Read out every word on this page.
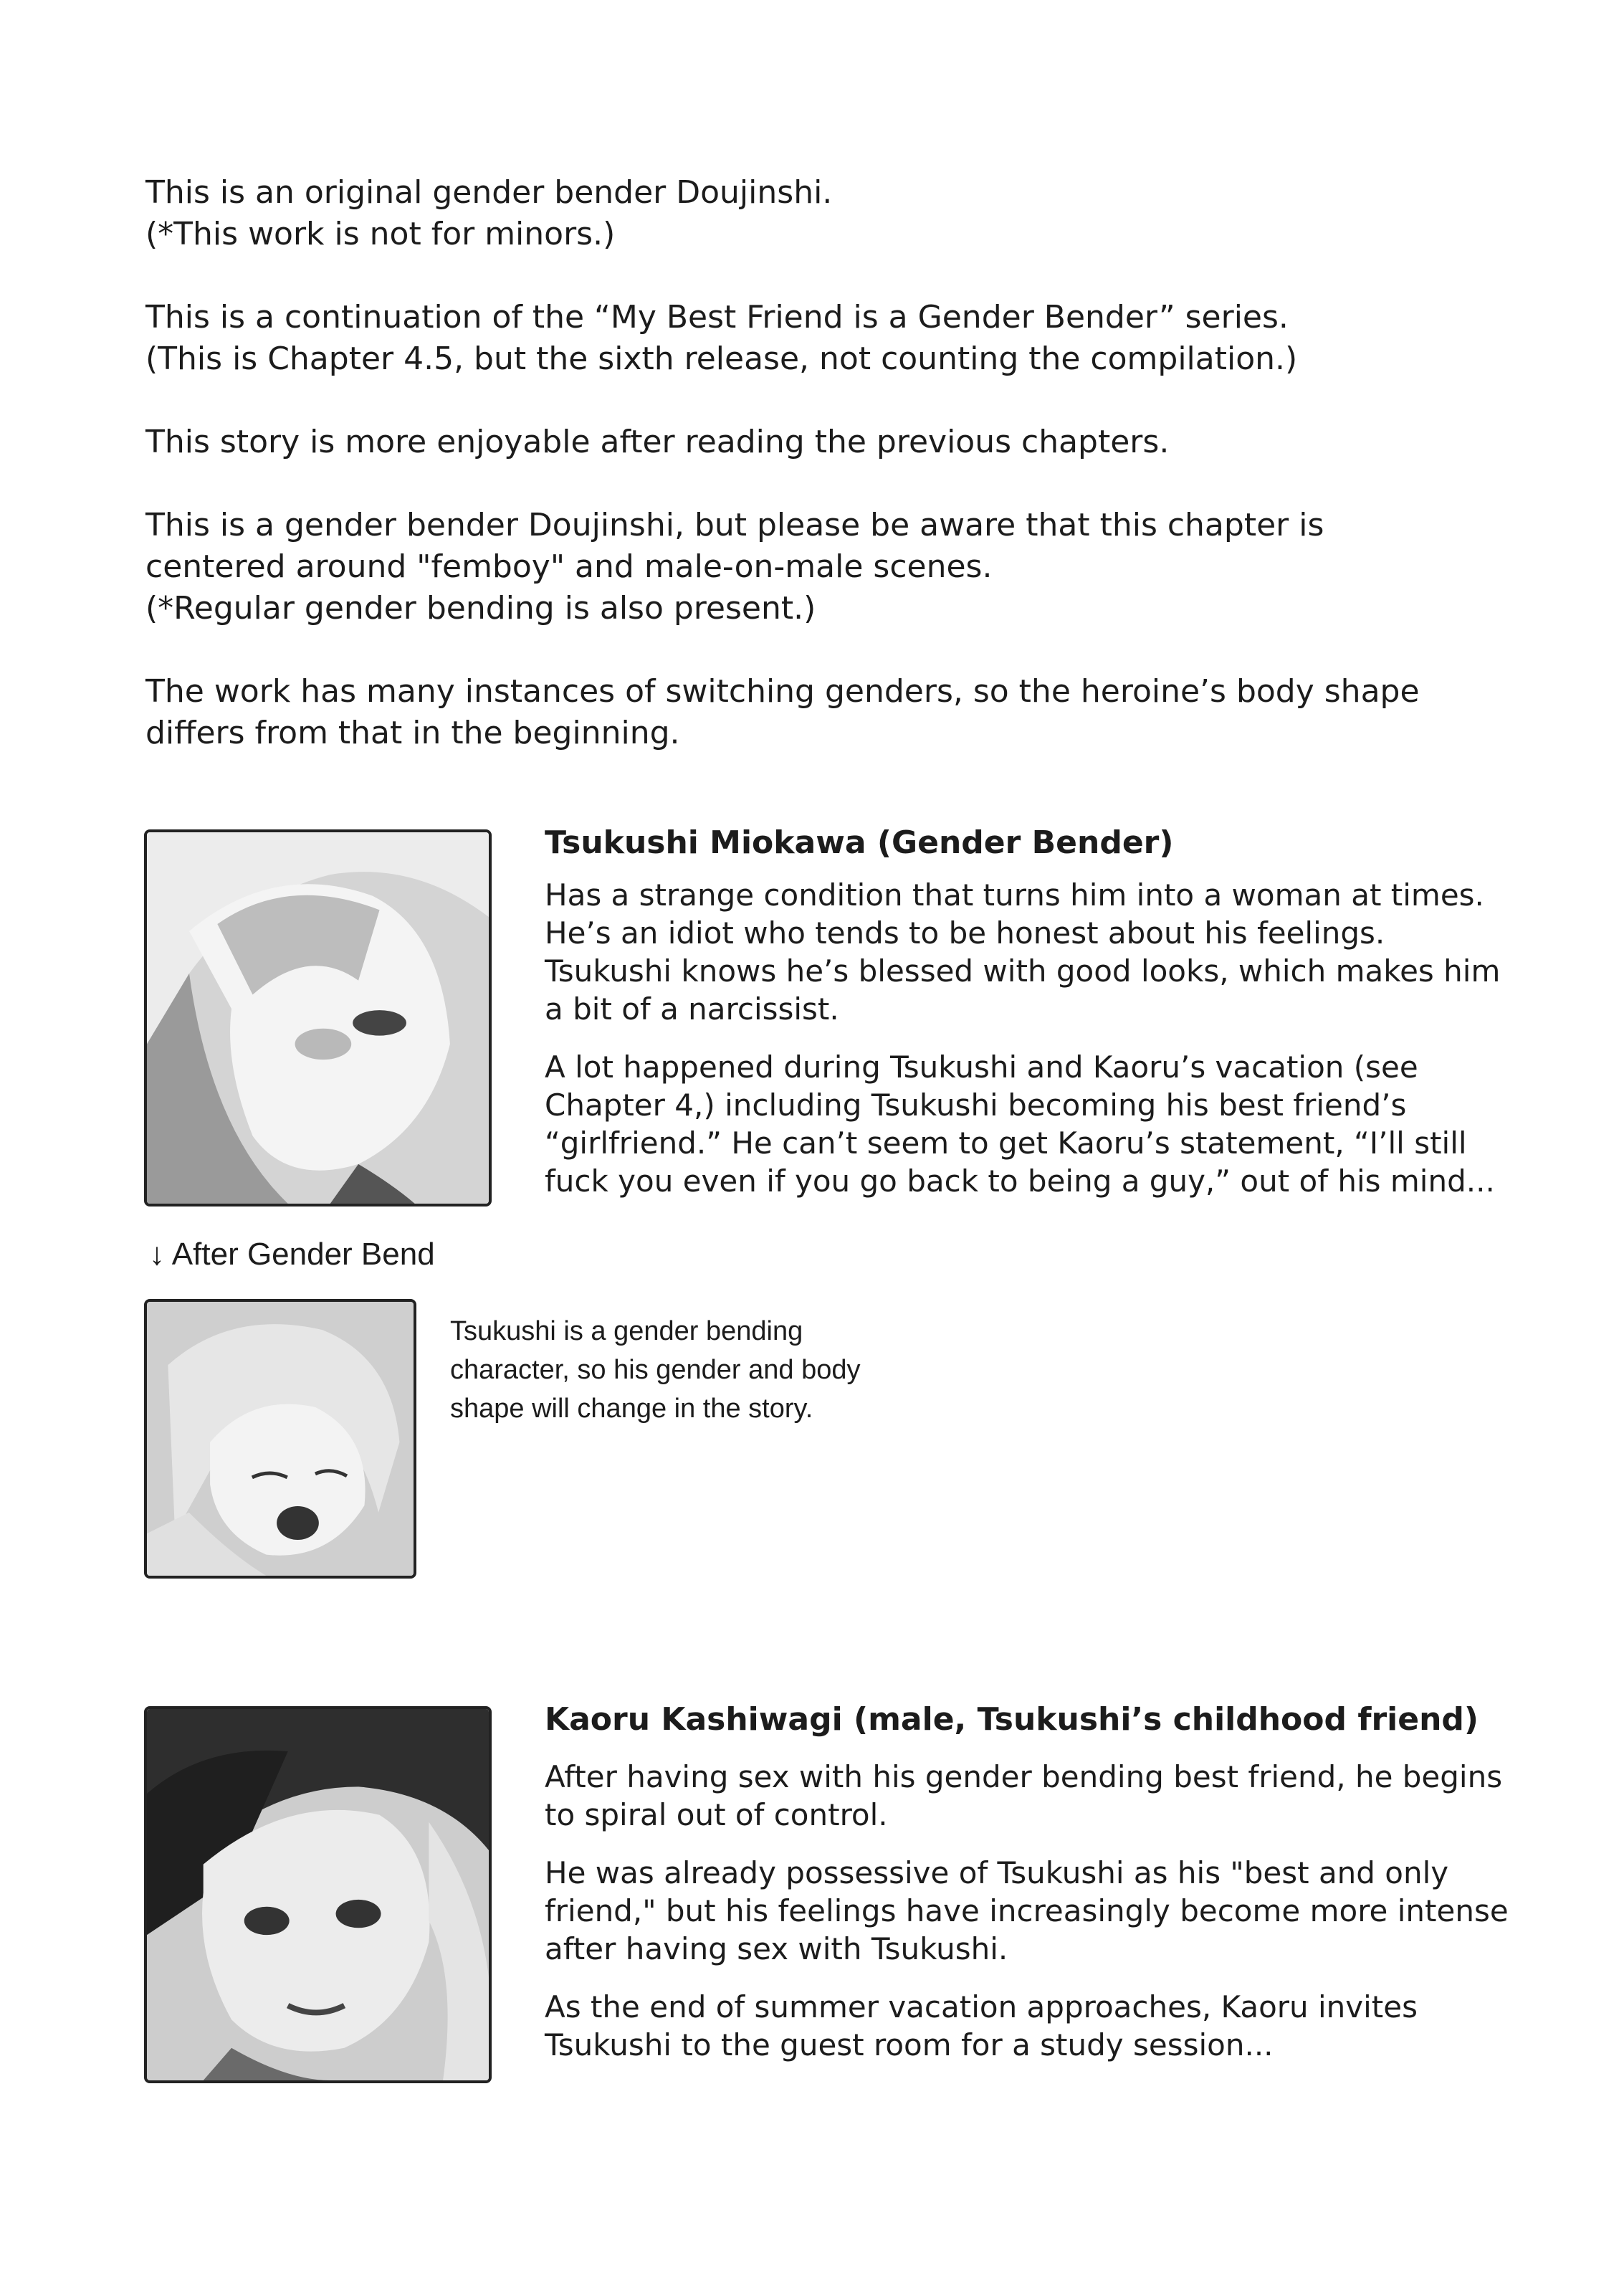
This is an original gender bender Doujinshi.
(*This work is not for minors.)

This is a continuation of the “My Best Friend is a Gender Bender” series.
(This is Chapter 4.5, but the sixth release, not counting the compilation.)

This story is more enjoyable after reading the previous chapters.

This is a gender bender Doujinshi, but please be aware that this chapter is
centered around "femboy" and male-on-male scenes.
(*Regular gender bending is also present.)

The work has many instances of switching genders, so the heroine’s body shape
differs from that in the beginning.

Tsukushi Miokawa (Gender Bender)

Has a strange condition that turns him into a woman at times.
He’s an idiot who tends to be honest about his feelings.
Tsukushi knows he’s blessed with good looks, which makes him
a bit of a narcissist.

A lot happened during Tsukushi and Kaoru’s vacation (see
Chapter 4,) including Tsukushi becoming his best friend’s
“girlfriend.” He can’t seem to get Kaoru’s statement, “I’ll still
fuck you even if you go back to being a guy,” out of his mind...

↓ After Gender Bend
Tsukushi is a gender bending
character, so his gender and body
shape will change in the story.
Kaoru Kashiwagi (male, Tsukushi’s childhood friend)

After having sex with his gender bending best friend, he begins
to spiral out of control.

He was already possessive of Tsukushi as his "best and only
friend," but his feelings have increasingly become more intense
after having sex with Tsukushi.

As the end of summer vacation approaches, Kaoru invites
Tsukushi to the guest room for a study session...
